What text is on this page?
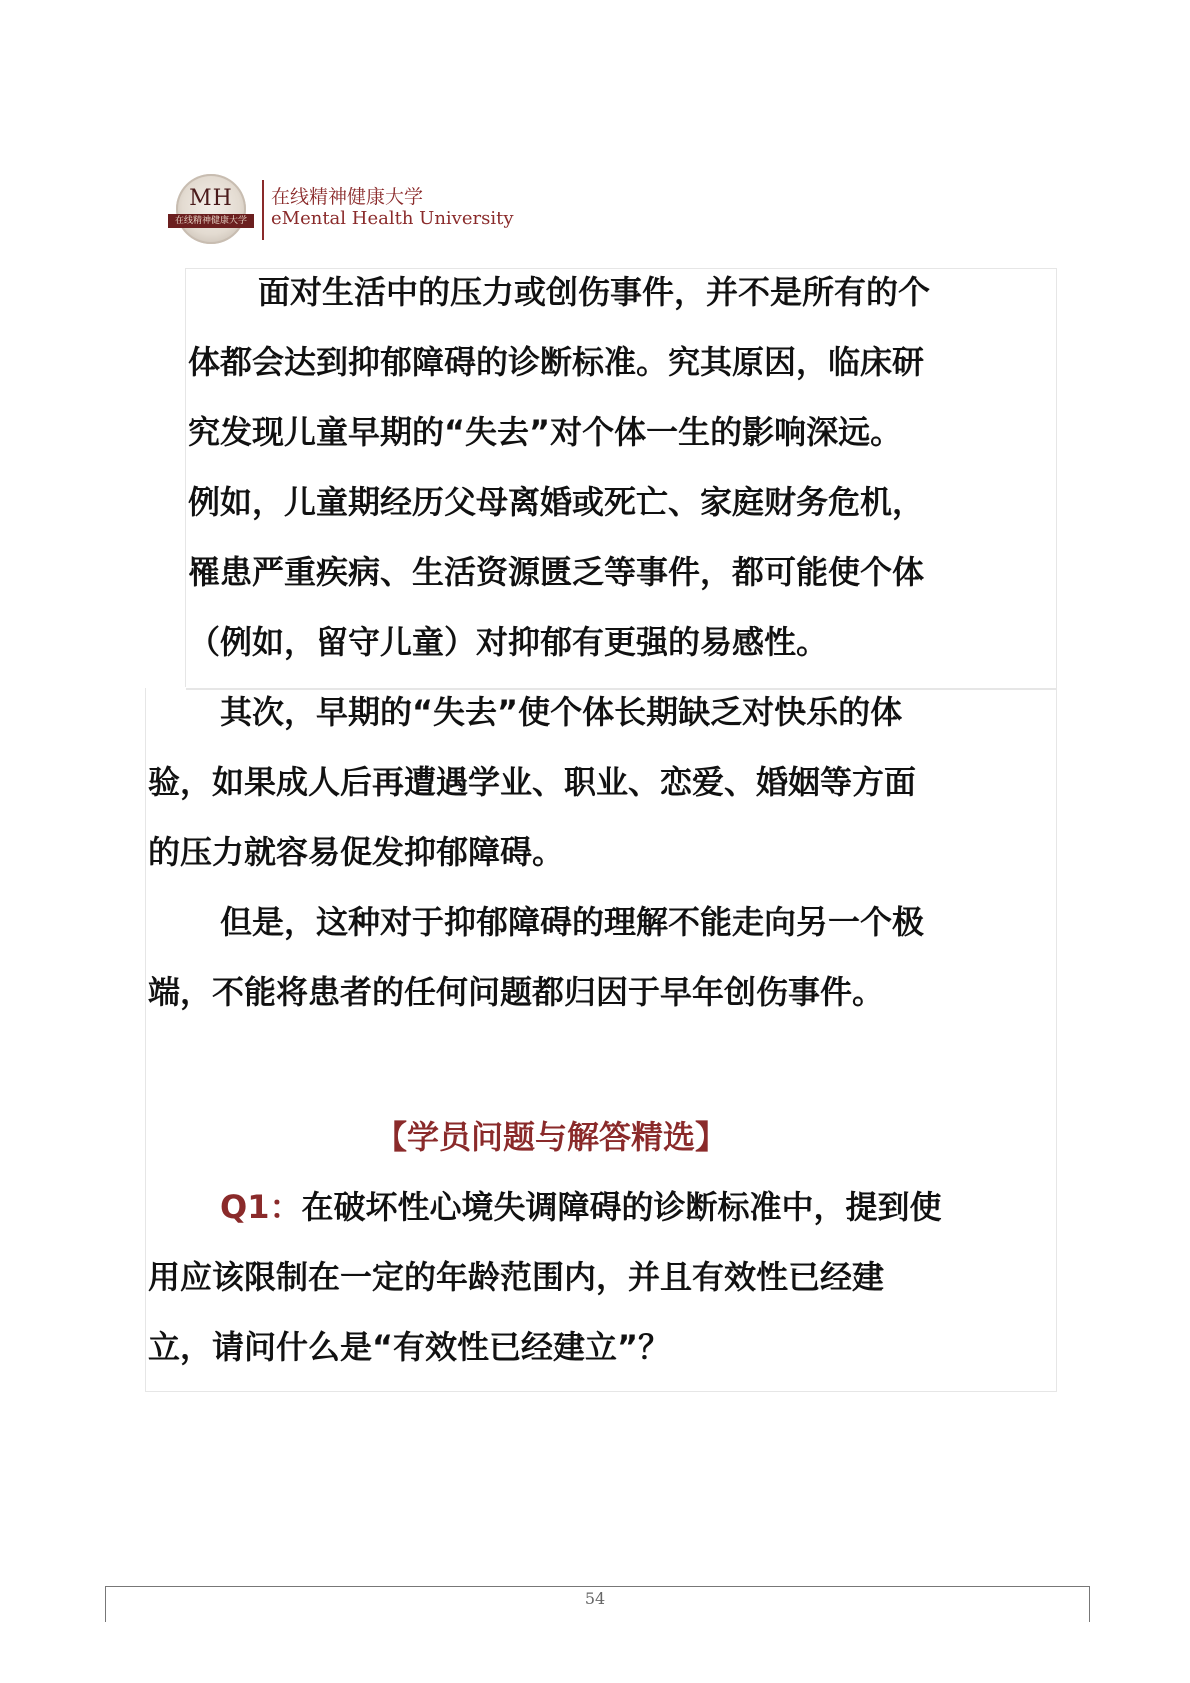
MH
在线精神健康大学
在线精神健康大学
eMental Health University
面对生活中的压力或创伤事件，并不是所有的个
体都会达到抑郁障碍的诊断标准。究其原因，临床研
究发现儿童早期的“失去”对个体一生的影响深远。
例如，儿童期经历父母离婚或死亡、家庭财务危机，
罹患严重疾病、生活资源匮乏等事件，都可能使个体
（例如，留守儿童）对抑郁有更强的易感性。
其次，早期的“失去”使个体长期缺乏对快乐的体
验，如果成人后再遭遇学业、职业、恋爱、婚姻等方面
的压力就容易促发抑郁障碍。
但是，这种对于抑郁障碍的理解不能走向另一个极
端，不能将患者的任何问题都归因于早年创伤事件。
【学员问题与解答精选】
Q1：在破坏性心境失调障碍的诊断标准中，提到使
用应该限制在一定的年龄范围内，并且有效性已经建
立，请问什么是“有效性已经建立”？
54
